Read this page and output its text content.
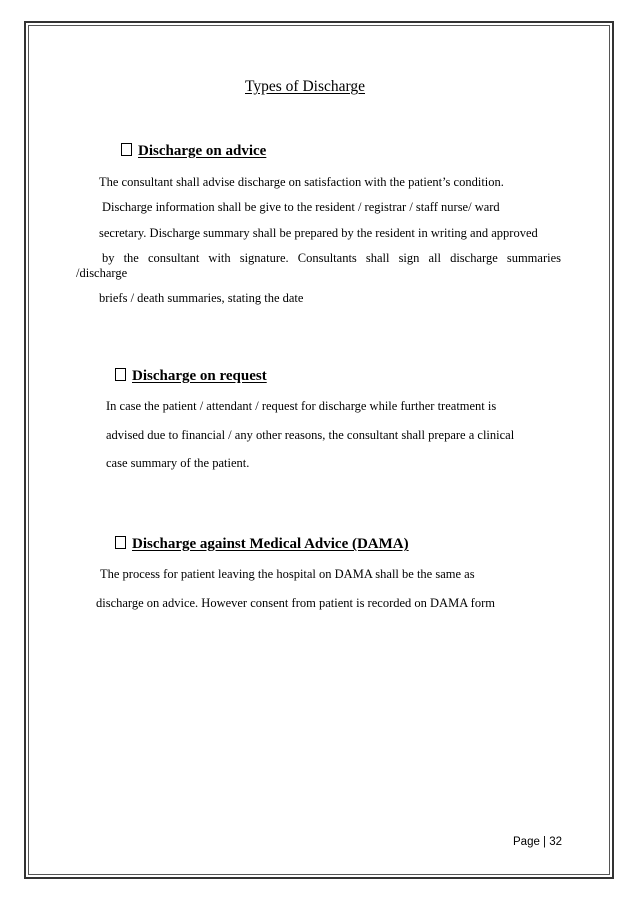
Types of Discharge
Discharge on advice
The consultant shall advise discharge on satisfaction with the patient’s condition.
Discharge information shall be give to the resident / registrar / staff nurse/ ward
secretary. Discharge summary shall be prepared by the resident in writing and approved
by the consultant with signature. Consultants shall sign all discharge summaries
/discharge
briefs / death summaries, stating the date
Discharge on request
In case the patient / attendant / request for discharge while further treatment is
advised due to financial / any other reasons, the consultant shall prepare a clinical
case summary of the patient.
Discharge against Medical Advice (DAMA)
The process for patient leaving the hospital on DAMA shall be the same as
discharge on advice. However consent from patient is recorded on DAMA form
Page | 32
